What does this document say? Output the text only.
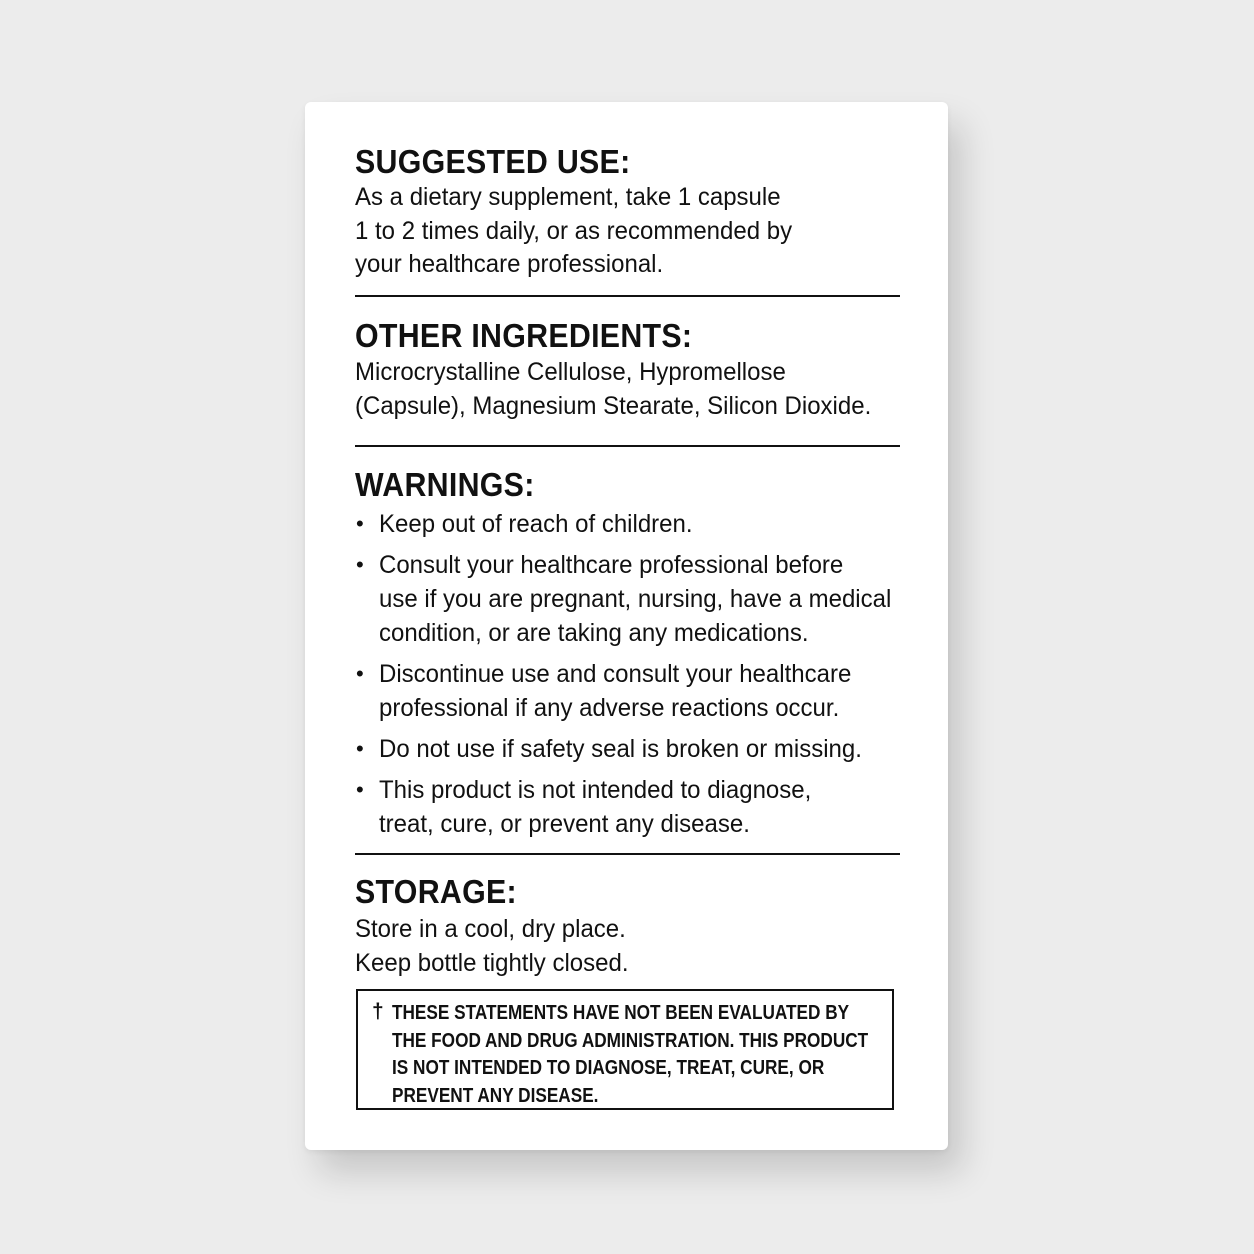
SUGGESTED USE:
As a dietary supplement, take 1 capsule
1 to 2 times daily, or as recommended by
your healthcare professional.
OTHER INGREDIENTS:
Microcrystalline Cellulose, Hypromellose
(Capsule), Magnesium Stearate, Silicon Dioxide.
WARNINGS:
• Keep out of reach of children.
• Consult your healthcare professional before
use if you are pregnant, nursing, have a medical
condition, or are taking any medications.
• Discontinue use and consult your healthcare
professional if any adverse reactions occur.
• Do not use if safety seal is broken or missing.
• This product is not intended to diagnose,
treat, cure, or prevent any disease.
STORAGE:
Store in a cool, dry place.
Keep bottle tightly closed.
† THESE STATEMENTS HAVE NOT BEEN EVALUATED BY
THE FOOD AND DRUG ADMINISTRATION. THIS PRODUCT
IS NOT INTENDED TO DIAGNOSE, TREAT, CURE, OR
PREVENT ANY DISEASE.
